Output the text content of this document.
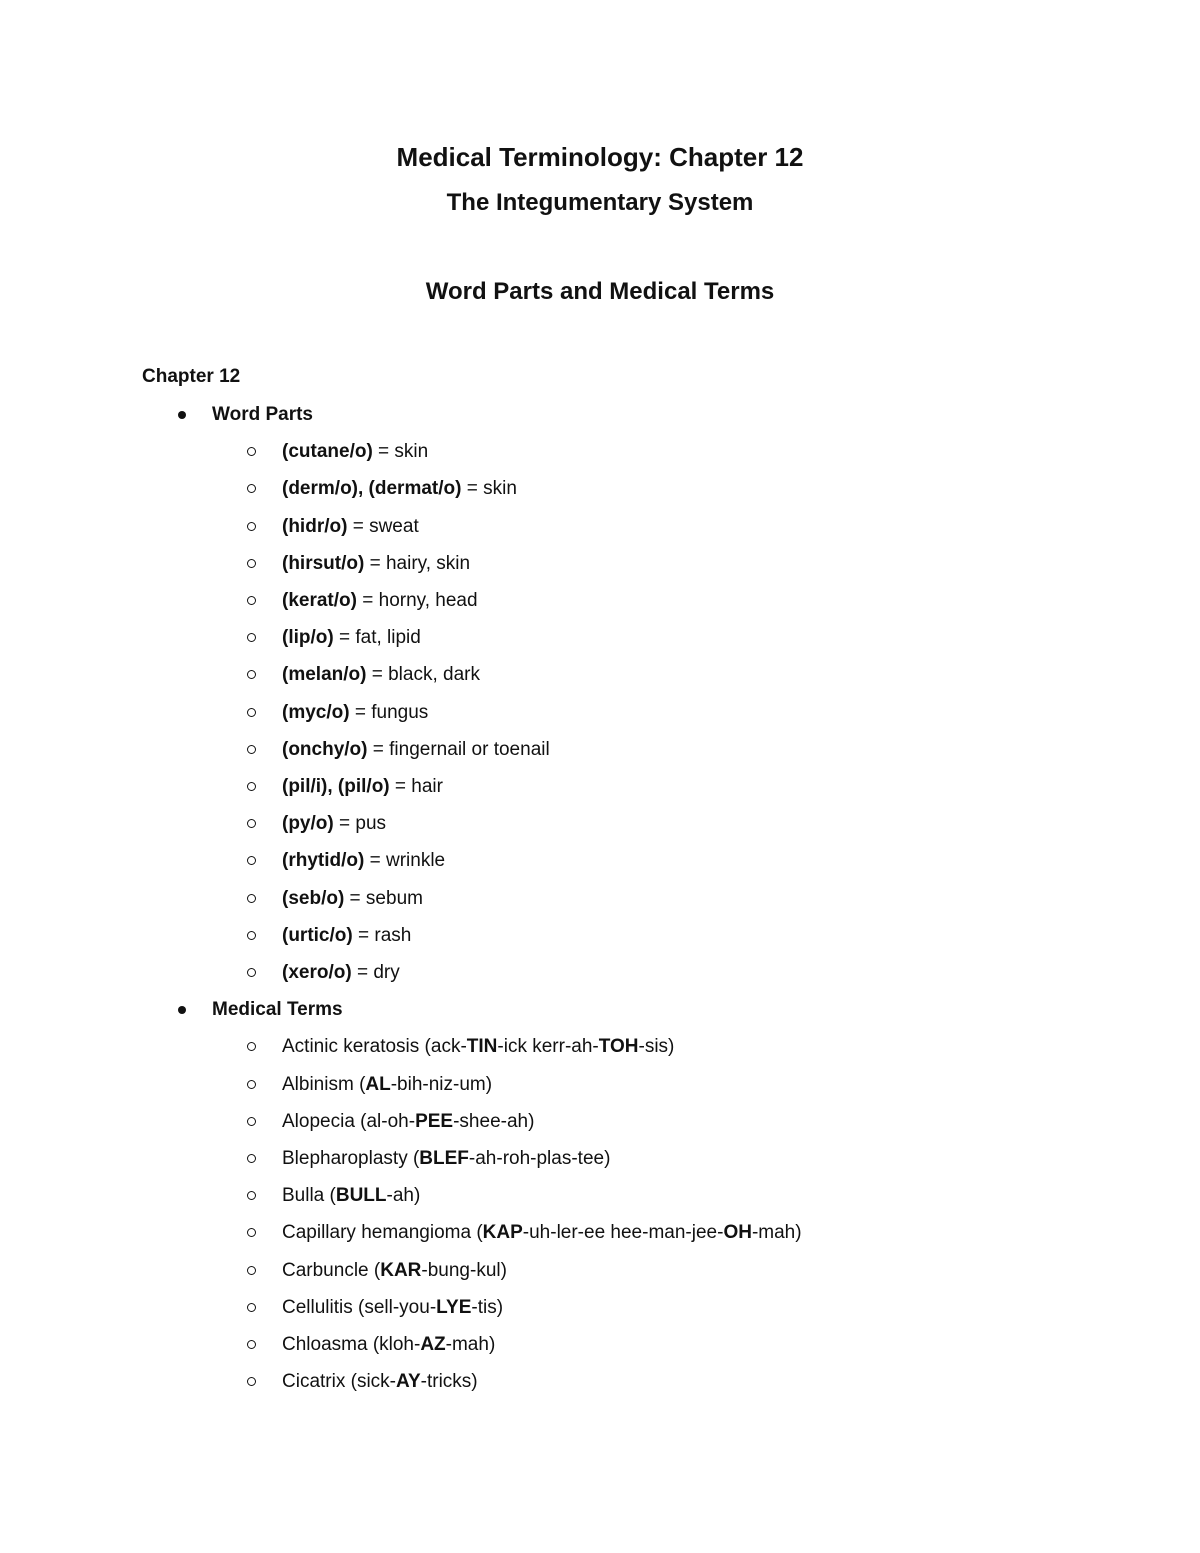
Medical Terminology: Chapter 12
The Integumentary System
Word Parts and Medical Terms
Chapter 12
Word Parts
(cutane/o) = skin
(derm/o), (dermat/o) = skin
(hidr/o) = sweat
(hirsut/o) = hairy, skin
(kerat/o) = horny, head
(lip/o) = fat, lipid
(melan/o) = black, dark
(myc/o) = fungus
(onchy/o) = fingernail or toenail
(pil/i), (pil/o) = hair
(py/o) = pus
(rhytid/o) = wrinkle
(seb/o) = sebum
(urtic/o) = rash
(xero/o) = dry
Medical Terms
Actinic keratosis (ack-TIN-ick kerr-ah-TOH-sis)
Albinism (AL-bih-niz-um)
Alopecia (al-oh-PEE-shee-ah)
Blepharoplasty (BLEF-ah-roh-plas-tee)
Bulla (BULL-ah)
Capillary hemangioma (KAP-uh-ler-ee hee-man-jee-OH-mah)
Carbuncle (KAR-bung-kul)
Cellulitis (sell-you-LYE-tis)
Chloasma (kloh-AZ-mah)
Cicatrix (sick-AY-tricks)
